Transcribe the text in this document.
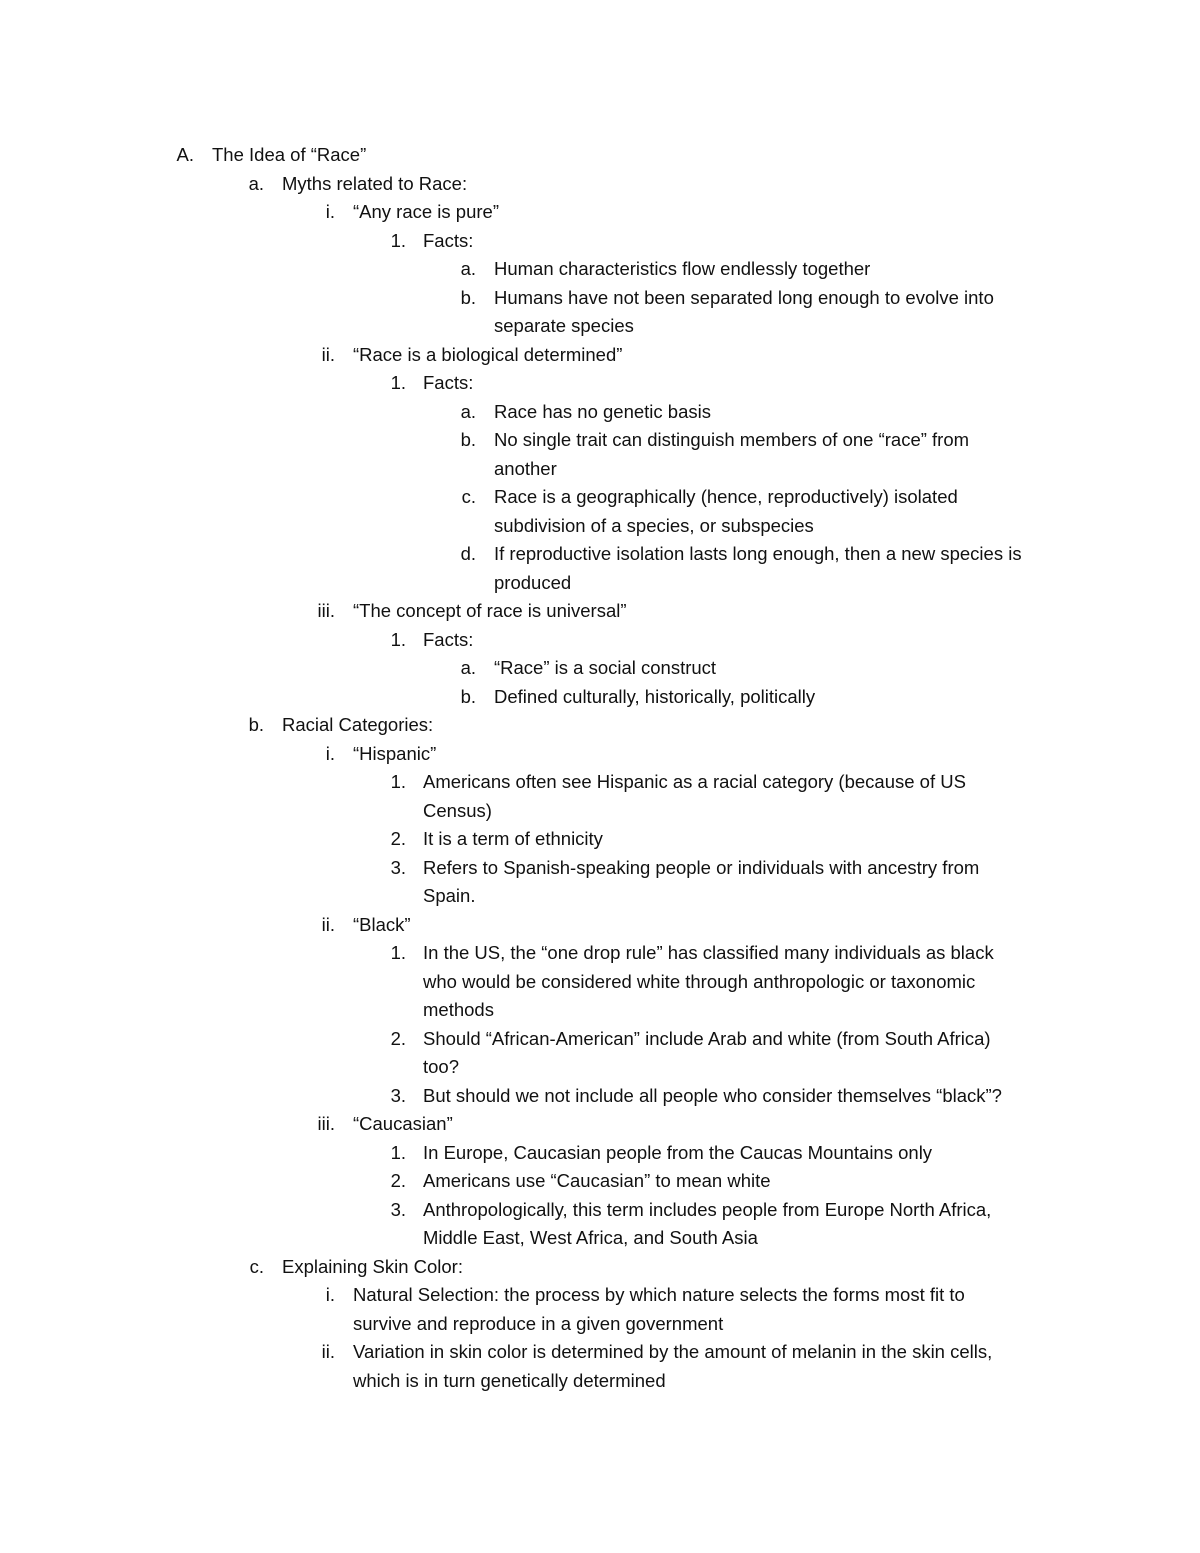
A. The Idea of “Race”
a. Myths related to Race:
i. “Any race is pure”
1. Facts:
a. Human characteristics flow endlessly together
b. Humans have not been separated long enough to evolve into
separate species
ii. “Race is a biological determined”
1. Facts:
a. Race has no genetic basis
b. No single trait can distinguish members of one “race” from
another
c. Race is a geographically (hence, reproductively) isolated
subdivision of a species, or subspecies
d. If reproductive isolation lasts long enough, then a new species is
produced
iii. “The concept of race is universal”
1. Facts:
a. “Race” is a social construct
b. Defined culturally, historically, politically
b. Racial Categories:
i. “Hispanic”
1. Americans often see Hispanic as a racial category (because of US
Census)
2. It is a term of ethnicity
3. Refers to Spanish-speaking people or individuals with ancestry from
Spain.
ii. “Black”
1. In the US, the “one drop rule” has classified many individuals as black
who would be considered white through anthropologic or taxonomic
methods
2. Should “African-American” include Arab and white (from South Africa)
too?
3. But should we not include all people who consider themselves “black”?
iii. “Caucasian”
1. In Europe, Caucasian people from the Caucas Mountains only
2. Americans use “Caucasian” to mean white
3. Anthropologically, this term includes people from Europe North Africa,
Middle East, West Africa, and South Asia
c. Explaining Skin Color:
i. Natural Selection: the process by which nature selects the forms most fit to
survive and reproduce in a given government
ii. Variation in skin color is determined by the amount of melanin in the skin cells,
which is in turn genetically determined
